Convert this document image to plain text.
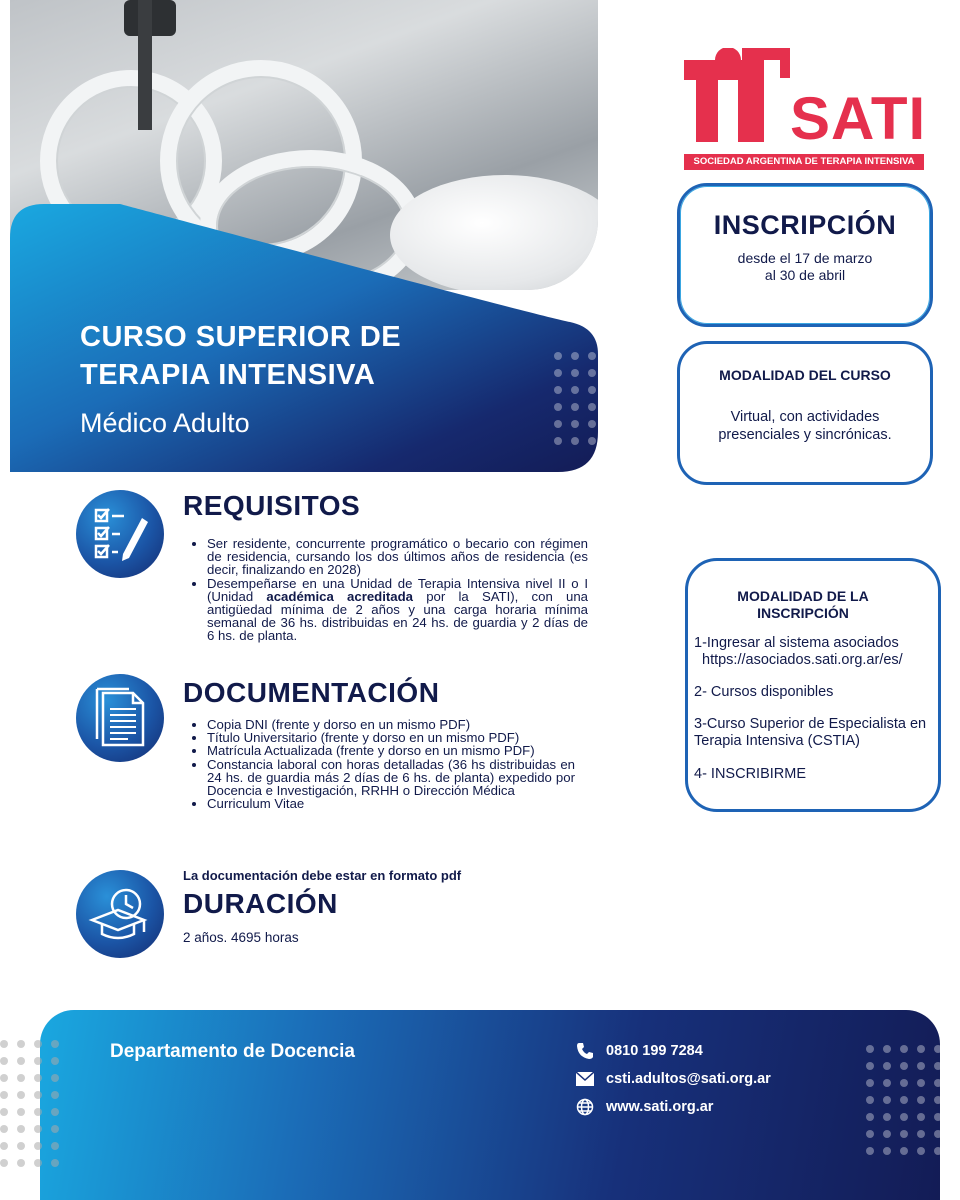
CURSO SUPERIOR DE
TERAPIA INTENSIVA
Médico Adulto
SATI
SOCIEDAD ARGENTINA DE TERAPIA INTENSIVA
INSCRIPCIÓN
desde el 17 de marzo
al 30 de abril
MODALIDAD DEL CURSO
Virtual, con actividades
presenciales y sincrónicas.
MODALIDAD DE LA
INSCRIPCIÓN
1-Ingresar al sistema asociados
https://asociados.sati.org.ar/es/
2- Cursos disponibles
3-Curso Superior de Especialista en Terapia Intensiva (CSTIA)
4- INSCRIBIRME
REQUISITOS
• Ser residente, concurrente programático o becario con régimen de residencia, cursando los dos últimos años de residencia (es decir, finalizando en 2028)
• Desempeñarse en una Unidad de Terapia Intensiva nivel II o I (Unidad académica acreditada por la SATI), con una antigüedad mínima de 2 años y una carga horaria mínima semanal de 36 hs. distribuidas en 24 hs. de guardia y 2 días de 6 hs. de planta.
DOCUMENTACIÓN
• Copia DNI (frente y dorso en un mismo PDF)
• Título Universitario (frente y dorso en un mismo PDF)
• Matrícula Actualizada (frente y dorso en un mismo PDF)
• Constancia laboral con horas detalladas (36 hs distribuidas en 24 hs. de guardia más 2 días de 6 hs. de planta) expedido por Docencia e Investigación, RRHH o Dirección Médica
• Curriculum Vitae
La documentación debe estar en formato pdf
DURACIÓN
2 años. 4695 horas
Departamento de Docencia	0810 199 7284
csti.adultos@sati.org.ar
www.sati.org.ar
